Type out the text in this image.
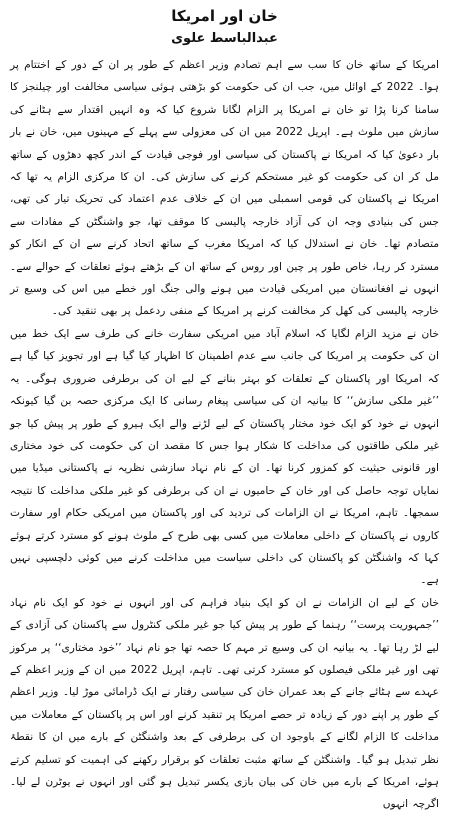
خان اور امریکا
عبدالباسط علوی

امریکا کے ساتھ خان کا سب سے اہم تصادم وزیر اعظم کے طور پر ان کے دور کے اختتام پر ہوا۔ 2022 کے اوائل میں، جب ان کی حکومت کو بڑھتی ہوئی سیاسی مخالفت اور چیلنجز کا سامنا کرنا پڑا تو خان نے امریکا پر الزام لگانا شروع کیا کہ وہ انہیں اقتدار سے ہٹانے کی سازش میں ملوث ہے۔ اپریل 2022 میں ان کی معزولی سے پہلے کے مہینوں میں، خان نے بار بار دعویٰ کیا کہ امریکا نے پاکستان کی سیاسی اور فوجی قیادت کے اندر کچھ دھڑوں کے ساتھ مل کر ان کی حکومت کو غیر مستحکم کرنے کی سازش کی۔ ان کا مرکزی الزام یہ تھا کہ امریکا نے پاکستان کی قومی اسمبلی میں ان کے خلاف عدم اعتماد کی تحریک تیار کی تھی، جس کی بنیادی وجہ ان کی آزاد خارجہ پالیسی کا موقف تھا، جو واشنگٹن کے مفادات سے متصادم تھا۔ خان نے استدلال کیا کہ امریکا مغرب کے ساتھ اتحاد کرنے سے ان کے انکار کو مسترد کر رہا، خاص طور پر چین اور روس کے ساتھ ان کے بڑھتے ہوئے تعلقات کے حوالے سے۔ انہوں نے افغانستان میں امریکی قیادت میں ہونے والی جنگ اور خطے میں اس کی وسیع تر خارجہ پالیسی کی کھل کر مخالفت کرنے پر امریکا کے منفی ردعمل پر بھی تنقید کی۔

خان نے مزید الزام لگایا کہ اسلام آباد میں امریکی سفارت خانے کی طرف سے ایک خط میں ان کی حکومت پر امریکا کی جانب سے عدم اطمینان کا اظہار کیا گیا ہے اور تجویز کیا گیا ہے کہ امریکا اور پاکستان کے تعلقات کو بہتر بنانے کے لیے ان کی برطرفی ضروری ہوگی۔ یہ ’’غیر ملکی سازش‘‘ کا بیانیہ ان کی سیاسی پیغام رسانی کا ایک مرکزی حصہ بن گیا کیونکہ انہوں نے خود کو ایک خود مختار پاکستان کے لیے لڑنے والے ایک ہیرو کے طور پر پیش کیا جو غیر ملکی طاقتوں کی مداخلت کا شکار ہوا جس کا مقصد ان کی حکومت کی خود مختاری اور قانونی حیثیت کو کمزور کرنا تھا۔ ان کے نام نہاد سازشی نظریہ نے پاکستانی میڈیا میں نمایاں توجہ حاصل کی اور خان کے حامیوں نے ان کی برطرفی کو غیر ملکی مداخلت کا نتیجہ سمجھا۔ تاہم، امریکا نے ان الزامات کی تردید کی اور پاکستان میں امریکی حکام اور سفارت کاروں نے پاکستان کے داخلی معاملات میں کسی بھی طرح کے ملوث ہونے کو مسترد کرتے ہوئے کہا کہ واشنگٹن کو پاکستان کی داخلی سیاست میں مداخلت کرنے میں کوئی دلچسپی نہیں ہے۔

خان کے لیے ان الزامات نے ان کو ایک بنیاد فراہم کی اور انہوں نے خود کو ایک نام نہاد ’’جمہوریت پرست‘‘ رہنما کے طور پر پیش کیا جو غیر ملکی کنٹرول سے پاکستان کی آزادی کے لیے لڑ رہا تھا۔ یہ بیانیہ ان کی وسیع تر مہم کا حصہ تھا جو نام نہاد ’’خود مختاری‘‘ پر مرکوز تھی اور غیر ملکی فیصلوں کو مسترد کرتی تھی۔ تاہم، اپریل 2022 میں ان کے وزیر اعظم کے عہدے سے ہٹائے جانے کے بعد عمران خان کی سیاسی رفتار نے ایک ڈرامائی موڑ لیا۔ وزیر اعظم کے طور پر اپنے دور کے زیادہ تر حصے امریکا پر تنقید کرنے اور اس پر پاکستان کے معاملات میں مداخلت کا الزام لگانے کے باوجود ان کی برطرفی کے بعد واشنگٹن کے بارے میں ان کا نقطۂ نظر تبدیل ہو گیا۔ واشنگٹن کے ساتھ مثبت تعلقات کو برقرار رکھنے کی اہمیت کو تسلیم کرتے ہوئے، امریکا کے بارے میں خان کی بیان بازی یکسر تبدیل ہو گئی اور انہوں نے یوٹرن لے لیا۔ اگرچہ انہوں
